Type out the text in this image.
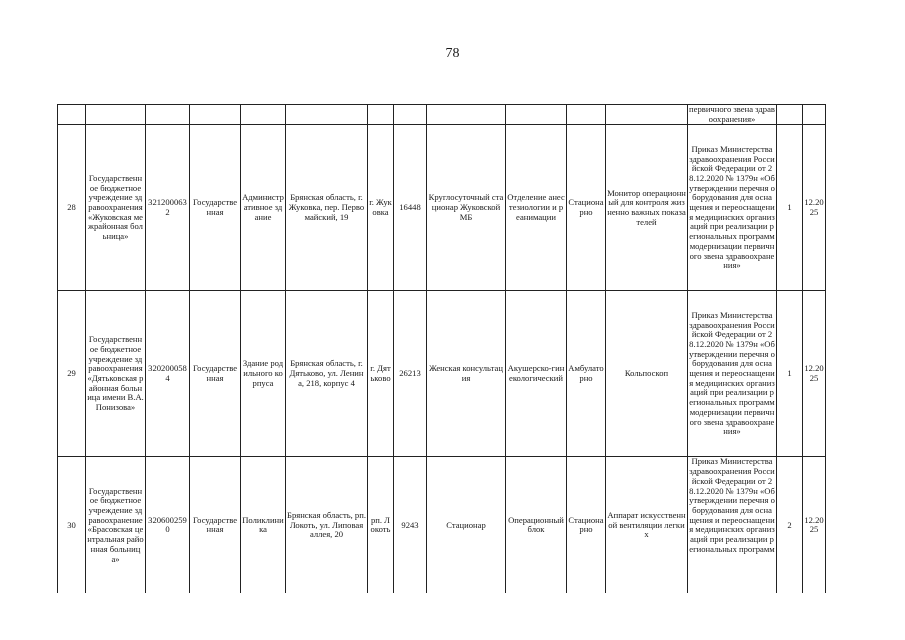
78
												первичного звена здравоохранения»		
28	Государственное бюджетное учреждение здравоохранения «Жуковская межрайонная больница»	3212000632	Государственная	Административное здание	Брянская область, г. Жуковка, пер. Первомайский, 19	г. Жуковка	16448	Круглосуточный стационар Жуковской МБ	Отделение анестезиологии и реанимации	Стационарно	Монитор операционный для контроля жизненно важных показателей	Приказ Министерства здравоохранения Российской Федерации от 28.12.2020 № 1379н «Об утверждении перечня оборудования для оснащения и переоснащения медицинских организаций при реализации региональных программ модернизации первичного звена здравоохранения»	1	12.2025
29	Государственное бюджетное учреждение здравоохранения «Дятьковская районная больница имени В.А. Понизова»	3202000584	Государственная	Здание родильного корпуса	Брянская область, г. Дятьково, ул. Ленина, 218, корпус 4	г. Дятьково	26213	Женская консультация	Акушерско-гинекологический	Амбулаторно	Кольпоскоп	Приказ Министерства здравоохранения Российской Федерации от 28.12.2020 № 1379н «Об утверждении перечня оборудования для оснащения и переоснащения медицинских организаций при реализации региональных программ модернизации первичного звена здравоохранения»	1	12.2025
30	Государственное бюджетное учреждение здравоохранение «Брасовская центральная районная больница»	3206002590	Государственная	Поликлиника	Брянская область, рп. Локоть, ул. Липовая аллея, 20	рп. Локоть	9243	Стационар	Операционный блок	Стационарно	Аппарат искусственной вентиляции легких	Приказ Министерства здравоохранения Российской Федерации от 28.12.2020 № 1379н «Об утверждении перечня оборудования для оснащения и переоснащения медицинских организаций при реализации региональных программ	2	12.2025
